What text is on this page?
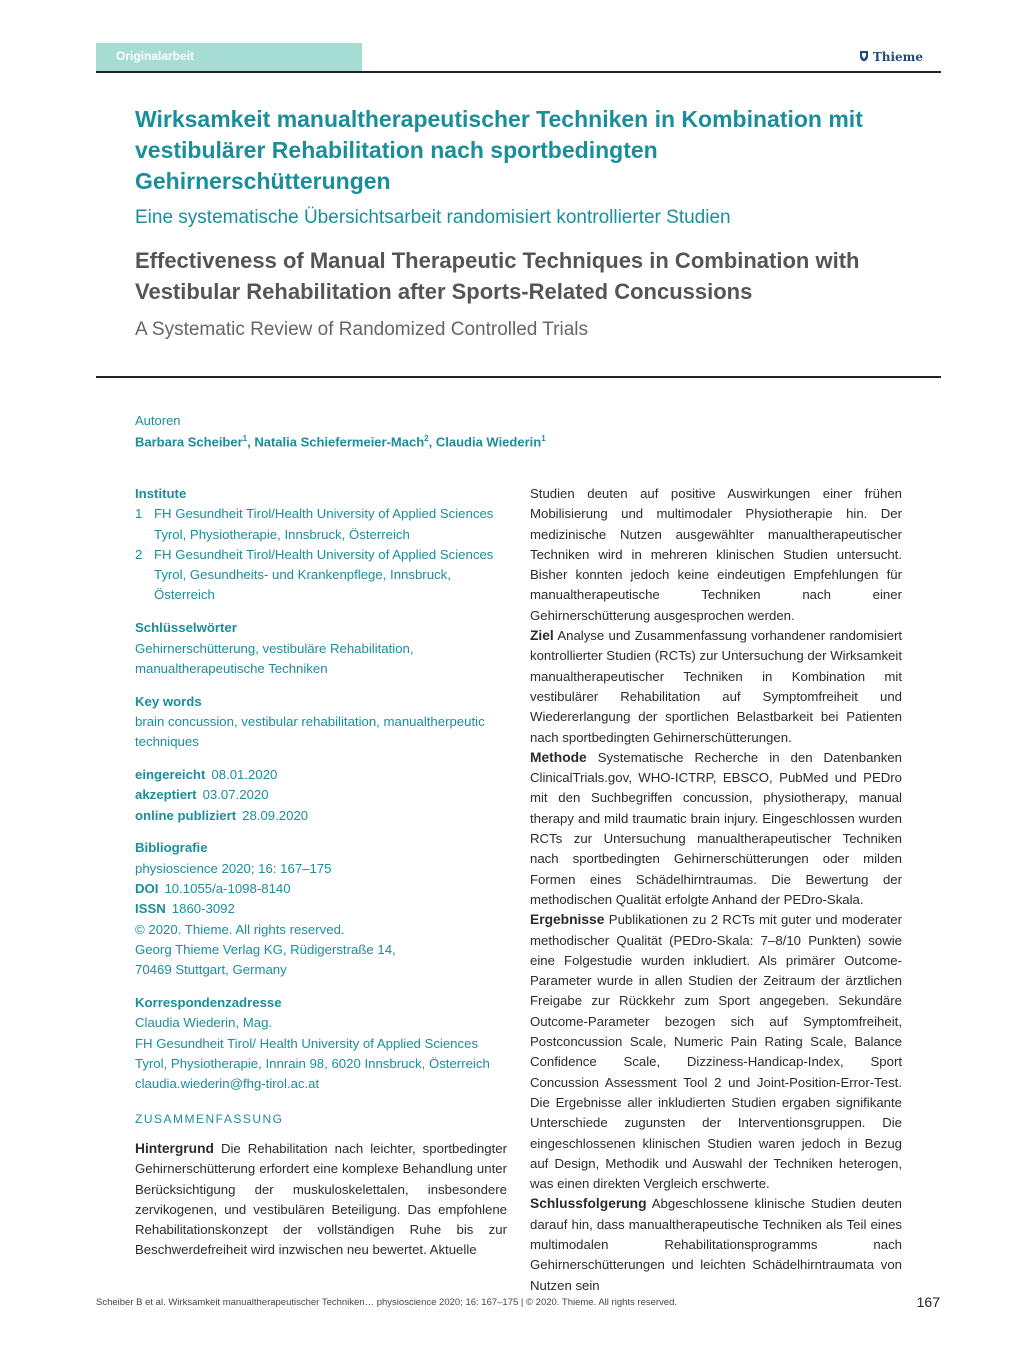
Originalarbeit	Thieme
Wirksamkeit manualtherapeutischer Techniken in Kombination mit vestibulärer Rehabilitation nach sportbedingten Gehirnerschütterungen
Eine systematische Übersichtsarbeit randomisiert kontrollierter Studien
Effectiveness of Manual Therapeutic Techniques in Combination with Vestibular Rehabilitation after Sports-Related Concussions
A Systematic Review of Randomized Controlled Trials
Autoren
Barbara Scheiber$^1$, Natalia Schiefermeier-Mach$^2$, Claudia Wiederin$^1$
Institute
1 FH Gesundheit Tirol/Health University of Applied Sciences Tyrol, Physiotherapie, Innsbruck, Österreich
2 FH Gesundheit Tirol/Health University of Applied Sciences Tyrol, Gesundheits- und Krankenpflege, Innsbruck, Österreich
Schlüsselwörter
Gehirnerschütterung, vestibuläre Rehabilitation, manualtherapeutische Techniken
Key words
brain concussion, vestibular rehabilitation, manualtherpeutic techniques
eingereicht 08.01.2020
akzeptiert 03.07.2020
online publiziert 28.09.2020
Bibliografie
physioscience 2020; 16: 167–175
DOI 10.1055/a-1098-8140
ISSN 1860-3092
© 2020. Thieme. All rights reserved.
Georg Thieme Verlag KG, Rüdigerstraße 14,
70469 Stuttgart, Germany
Korrespondenzadresse
Claudia Wiederin, Mag.
FH Gesundheit Tirol/ Health University of Applied Sciences
Tyrol, Physiotherapie, Innrain 98, 6020 Innsbruck, Österreich
claudia.wiederin@fhg-tirol.ac.at
ZUSAMMENFASSUNG
Hintergrund Die Rehabilitation nach leichter, sportbedingter Gehirnerschütterung erfordert eine komplexe Behandlung unter Berücksichtigung der muskuloskelettalen, insbesondere zervikogenen, und vestibulären Beteiligung. Das empfohlene Rehabilitationskonzept der vollständigen Ruhe bis zur Beschwerdefreiheit wird inzwischen neu bewertet. Aktuelle

Studien deuten auf positive Auswirkungen einer frühen Mobilisierung und multimodaler Physiotherapie hin. Der medizinische Nutzen ausgewählter manualtherapeutischer Techniken wird in mehreren klinischen Studien untersucht. Bisher konnten jedoch keine eindeutigen Empfehlungen für manualtherapeutische Techniken nach einer Gehirnerschütterung ausgesprochen werden.

Ziel Analyse und Zusammenfassung vorhandener randomisiert kontrollierter Studien (RCTs) zur Untersuchung der Wirksamkeit manualtherapeutischer Techniken in Kombination mit vestibulärer Rehabilitation auf Symptomfreiheit und Wiedererlangung der sportlichen Belastbarkeit bei Patienten nach sportbedingten Gehirnerschütterungen.

Methode Systematische Recherche in den Datenbanken ClinicalTrials.gov, WHO-ICTRP, EBSCO, PubMed und PEDro mit den Suchbegriffen concussion, physiotherapy, manual therapy and mild traumatic brain injury. Eingeschlossen wurden RCTs zur Untersuchung manualtherapeutischer Techniken nach sportbedingten Gehirnerschütterungen oder milden Formen eines Schädelhirntraumas. Die Bewertung der methodischen Qualität erfolgte Anhand der PEDro-Skala.

Ergebnisse Publikationen zu 2 RCTs mit guter und moderater methodischer Qualität (PEDro-Skala: 7–8/10 Punkten) sowie eine Folgestudie wurden inkludiert. Als primärer Outcome-Parameter wurde in allen Studien der Zeitraum der ärztlichen Freigabe zur Rückkehr zum Sport angegeben. Sekundäre Outcome-Parameter bezogen sich auf Symptomfreiheit, Postconcussion Scale, Numeric Pain Rating Scale, Balance Confidence Scale, Dizziness-Handicap-Index, Sport Concussion Assessment Tool 2 und Joint-Position-Error-Test. Die Ergebnisse aller inkludierten Studien ergaben signifikante Unterschiede zugunsten der Interventionsgruppen. Die eingeschlossenen klinischen Studien waren jedoch in Bezug auf Design, Methodik und Auswahl der Techniken heterogen, was einen direkten Vergleich erschwerte.

Schlussfolgerung Abgeschlossene klinische Studien deuten darauf hin, dass manualtherapeutische Techniken als Teil eines multimodalen Rehabilitationsprogramms nach Gehirnerschütterungen und leichten Schädelhirntraumata von Nutzen sein

Scheiber B et al. Wirksamkeit manualtherapeutischer Techniken… physioscience 2020; 16: 167–175 | © 2020. Thieme. All rights reserved.	167
